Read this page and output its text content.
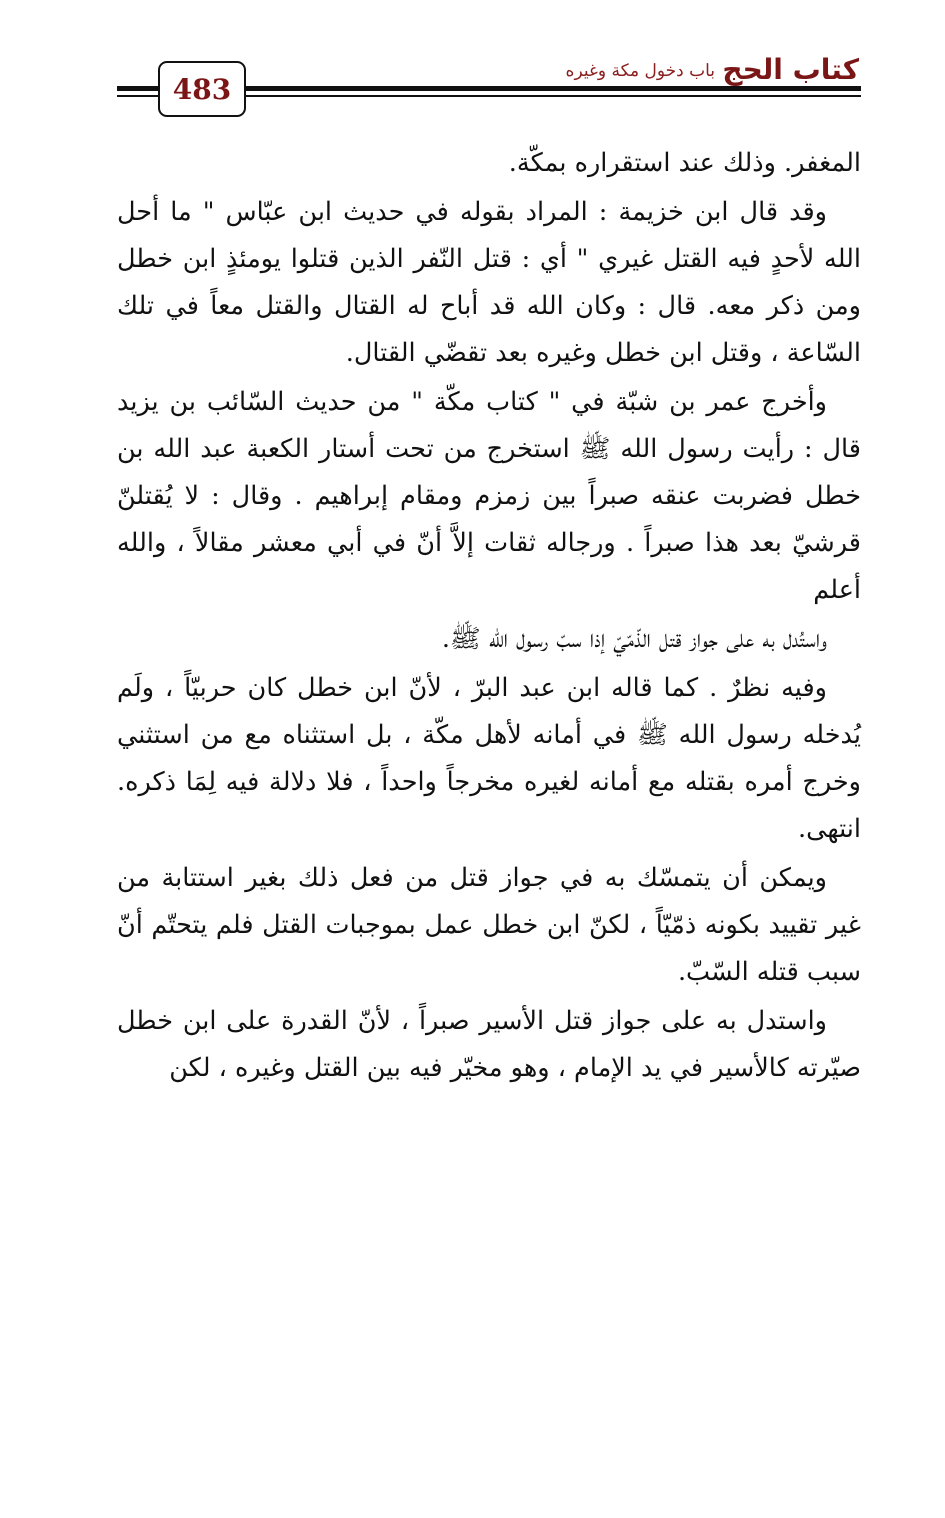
483
كتاب الحج
باب دخول مكة وغيره

المغفر. وذلك عند استقراره بمكّة.

وقد قال ابن خزيمة : المراد بقوله في حديث ابن عبّاس " ما أحل الله لأحدٍ فيه القتل غيري " أي : قتل النّفر الذين قتلوا يومئذٍ ابن خطل ومن ذكر معه. قال : وكان الله قد أباح له القتال والقتل معاً في تلك السّاعة ، وقتل ابن خطل وغيره بعد تقضّي القتال.

وأخرج عمر بن شبّة في " كتاب مكّة " من حديث السّائب بن يزيد قال : رأيت رسول الله ﷺ استخرج من تحت أستار الكعبة عبد الله بن خطل فضربت عنقه صبراً بين زمزم ومقام إبراهيم . وقال : لا يُقتلنّ قرشيّ بعد هذا صبراً . ورجاله ثقات إلاَّ أنّ في أبي معشر مقالاً ، والله أعلم

واستُدل به على جواز قتل الذّمّيّ إذا سبّ رسول الله ﷺ.

وفيه نظرٌ . كما قاله ابن عبد البرّ ، لأنّ ابن خطل كان حربيّاً ، ولَم يُدخله رسول الله ﷺ في أمانه لأهل مكّة ، بل استثناه مع من استثني وخرج أمره بقتله مع أمانه لغيره مخرجاً واحداً ، فلا دلالة فيه لِمَا ذكره. انتهى.

ويمكن أن يتمسّك به في جواز قتل من فعل ذلك بغير استتابة من غير تقييد بكونه ذمّيّاً ، لكنّ ابن خطل عمل بموجبات القتل فلم يتحتّم أنّ سبب قتله السّبّ.

واستدل به على جواز قتل الأسير صبراً ، لأنّ القدرة على ابن خطل صيّرته كالأسير في يد الإمام ، وهو مخيّر فيه بين القتل وغيره ، لكن
